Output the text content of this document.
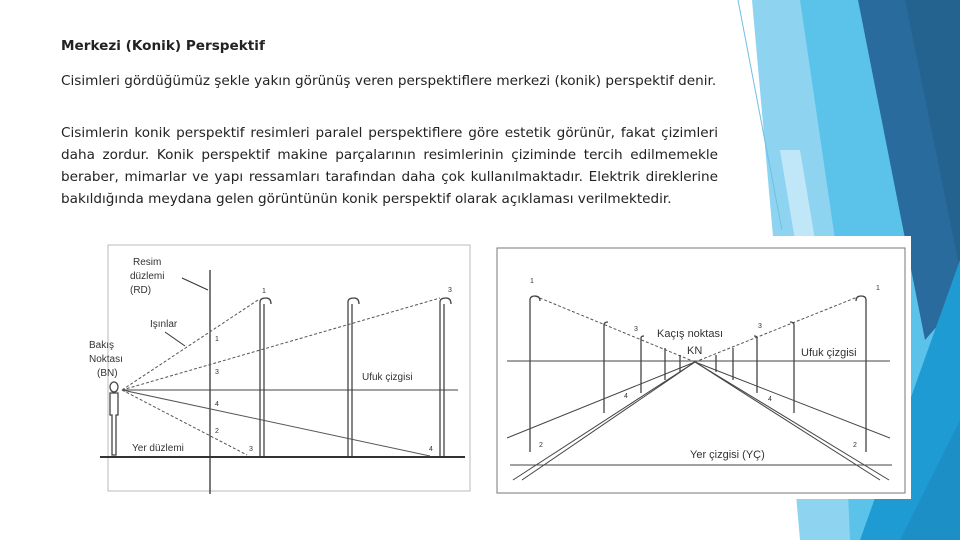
Merkezi (Konik) Perspektif
Cisimleri gördüğümüz şekle yakın görünüş veren perspektiflere merkezi (konik) perspektif denir.
Cisimlerin konik perspektif resimleri paralel perspektiflere göre estetik görünür, fakat çizimleri daha zordur. Konik perspektif makine parçalarının resimlerinin çiziminde tercih edilmemekle beraber, mimarlar ve yapı ressamları tarafından daha çok kullanılmaktadır. Elektrik direklerine bakıldığında meydana gelen görüntünün konik perspektif olarak açıklaması verilmektedir.
Resim
düzlemi
(RD)
Işınlar
Bakış
Noktası
(BN)	Ufuk çizgisi
Yer düzlemi
1	3
1
3
4
2
3	4
Kaçış noktası
KN	Ufuk çizgisi
Yer çizgisi (YÇ)
1
3	3
1
4	4
2	2
